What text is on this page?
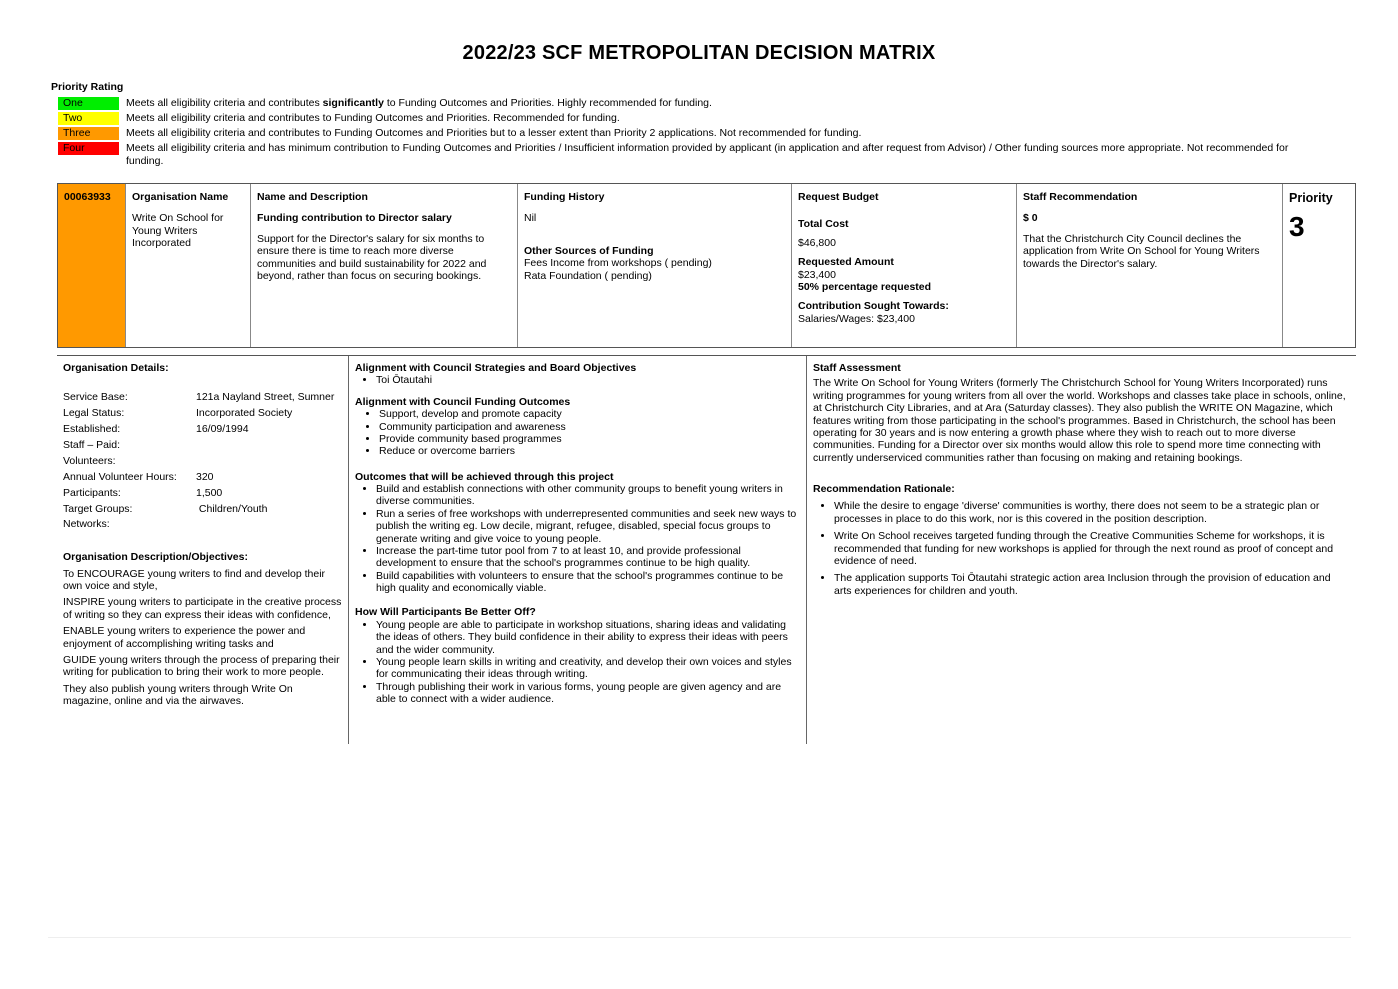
2022/23 SCF METROPOLITAN DECISION MATRIX
Priority Rating
One	Meets all eligibility criteria and contributes significantly to Funding Outcomes and Priorities. Highly recommended for funding.
Two	Meets all eligibility criteria and contributes to Funding Outcomes and Priorities. Recommended for funding.
Three	Meets all eligibility criteria and contributes to Funding Outcomes and Priorities but to a lesser extent than Priority 2 applications. Not recommended for funding.
Four	Meets all eligibility criteria and has minimum contribution to Funding Outcomes and Priorities / Insufficient information provided by applicant (in application and after request from Advisor) / Other funding sources more appropriate. Not recommended for funding.
00063933	Organisation Name
Write On School for Young Writers Incorporated
Name and Description
Funding contribution to Director salary
Support for the Director's salary for six months to ensure there is time to reach more diverse communities and build sustainability for 2022 and beyond, rather than focus on securing bookings.
Funding History
Nil
Other Sources of Funding
Fees Income from workshops ( pending)
Rata Foundation ( pending)
Request Budget
Total Cost
$46,800
Requested Amount
$23,400
50% percentage requested
Contribution Sought Towards:
Salaries/Wages: $23,400
Staff Recommendation
$ 0
That the Christchurch City Council declines the application from Write On School for Young Writers towards the Director's salary.
Priority
3
Organisation Details:
Service Base:	121a Nayland Street, Sumner
Legal Status:	Incorporated Society
Established:	16/09/1994
Staff – Paid:
Volunteers:
Annual Volunteer Hours:	320
Participants:	1,500
Target Groups:	Children/Youth
Networks:
Organisation Description/Objectives:

To ENCOURAGE young writers to find and develop their own voice and style,

INSPIRE young writers to participate in the creative process of writing so they can express their ideas with confidence,

ENABLE young writers to experience the power and enjoyment of accomplishing writing tasks and

GUIDE young writers through the process of preparing their writing for publication to bring their work to more people.

They also publish young writers through Write On magazine, online and via the airwaves.

Alignment with Council Strategies and Board Objectives
• Toi Ōtautahi
Alignment with Council Funding Outcomes
• Support, develop and promote capacity
• Community participation and awareness
• Provide community based programmes
• Reduce or overcome barriers
Outcomes that will be achieved through this project
• Build and establish connections with other community groups to benefit young writers in diverse communities.
• Run a series of free workshops with underrepresented communities and seek new ways to publish the writing eg. Low decile, migrant, refugee, disabled, special focus groups to generate writing and give voice to young people.
• Increase the part-time tutor pool from 7 to at least 10, and provide professional development to ensure that the school's programmes continue to be high quality.
• Build capabilities with volunteers to ensure that the school's programmes continue to be high quality and economically viable.
How Will Participants Be Better Off?
• Young people are able to participate in workshop situations, sharing ideas and validating the ideas of others. They build confidence in their ability to express their ideas with peers and the wider community.
• Young people learn skills in writing and creativity, and develop their own voices and styles for communicating their ideas through writing.
• Through publishing their work in various forms, young people are given agency and are able to connect with a wider audience.
Staff Assessment
The Write On School for Young Writers (formerly The Christchurch School for Young Writers Incorporated) runs writing programmes for young writers from all over the world. Workshops and classes take place in schools, online, at Christchurch City Libraries, and at Ara (Saturday classes). They also publish the WRITE ON Magazine, which features writing from those participating in the school's programmes. Based in Christchurch, the school has been operating for 30 years and is now entering a growth phase where they wish to reach out to more diverse communities. Funding for a Director over six months would allow this role to spend more time connecting with currently underserviced communities rather than focusing on making and retaining bookings.
Recommendation Rationale:
• While the desire to engage 'diverse' communities is worthy, there does not seem to be a strategic plan or processes in place to do this work, nor is this covered in the position description.
• Write On School receives targeted funding through the Creative Communities Scheme for workshops, it is recommended that funding for new workshops is applied for through the next round as proof of concept and evidence of need.
• The application supports Toi Ōtautahi strategic action area Inclusion through the provision of education and arts experiences for children and youth.
